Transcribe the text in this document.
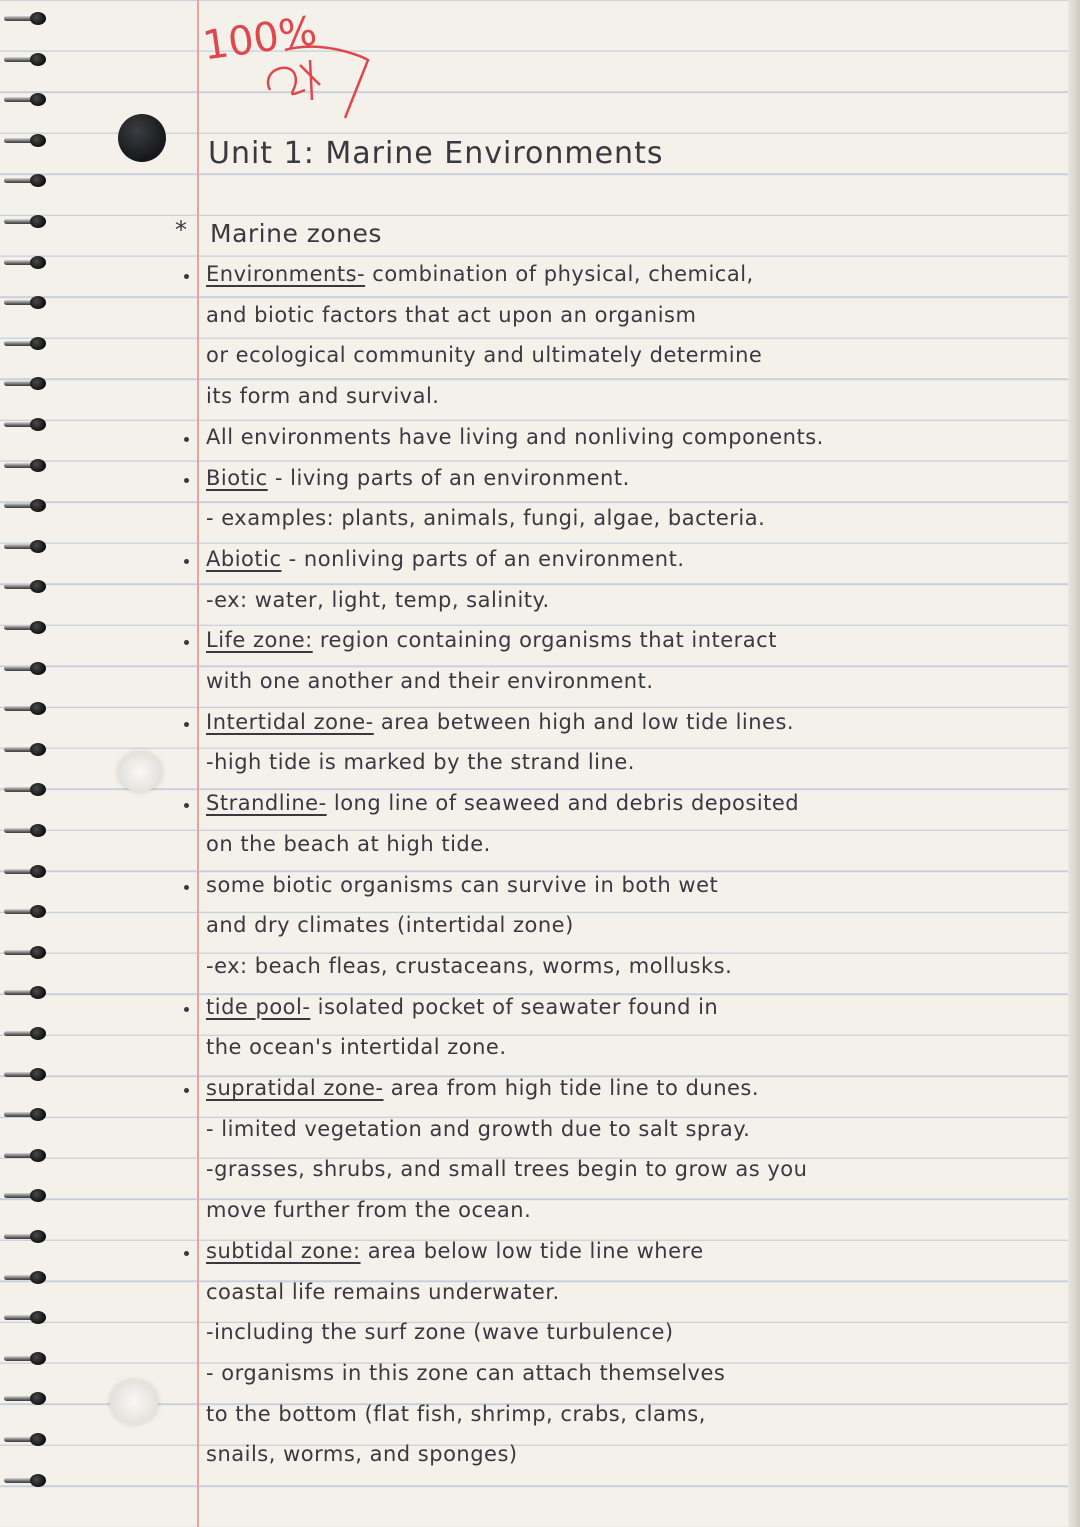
100%
Unit 1: Marine Environments
* Marine zones
Environments- combination of physical, chemical,
and biotic factors that act upon an organism
or ecological community and ultimately determine
its form and survival.
All environments have living and nonliving components.
Biotic - living parts of an environment.
- examples: plants, animals, fungi, algae, bacteria.
Abiotic - nonliving parts of an environment.
-ex: water, light, temp, salinity.
Life zone: region containing organisms that interact
with one another and their environment.
Intertidal zone- area between high and low tide lines.
-high tide is marked by the strand line.
Strandline- long line of seaweed and debris deposited
on the beach at high tide.
some biotic organisms can survive in both wet
and dry climates (intertidal zone)
-ex: beach fleas, crustaceans, worms, mollusks.
tide pool- isolated pocket of seawater found in
the ocean's intertidal zone.
supratidal zone- area from high tide line to dunes.
- limited vegetation and growth due to salt spray.
-grasses, shrubs, and small trees begin to grow as you
move further from the ocean.
subtidal zone: area below low tide line where
coastal life remains underwater.
-including the surf zone (wave turbulence)
- organisms in this zone can attach themselves
to the bottom (flat fish, shrimp, crabs, clams,
snails, worms, and sponges)
